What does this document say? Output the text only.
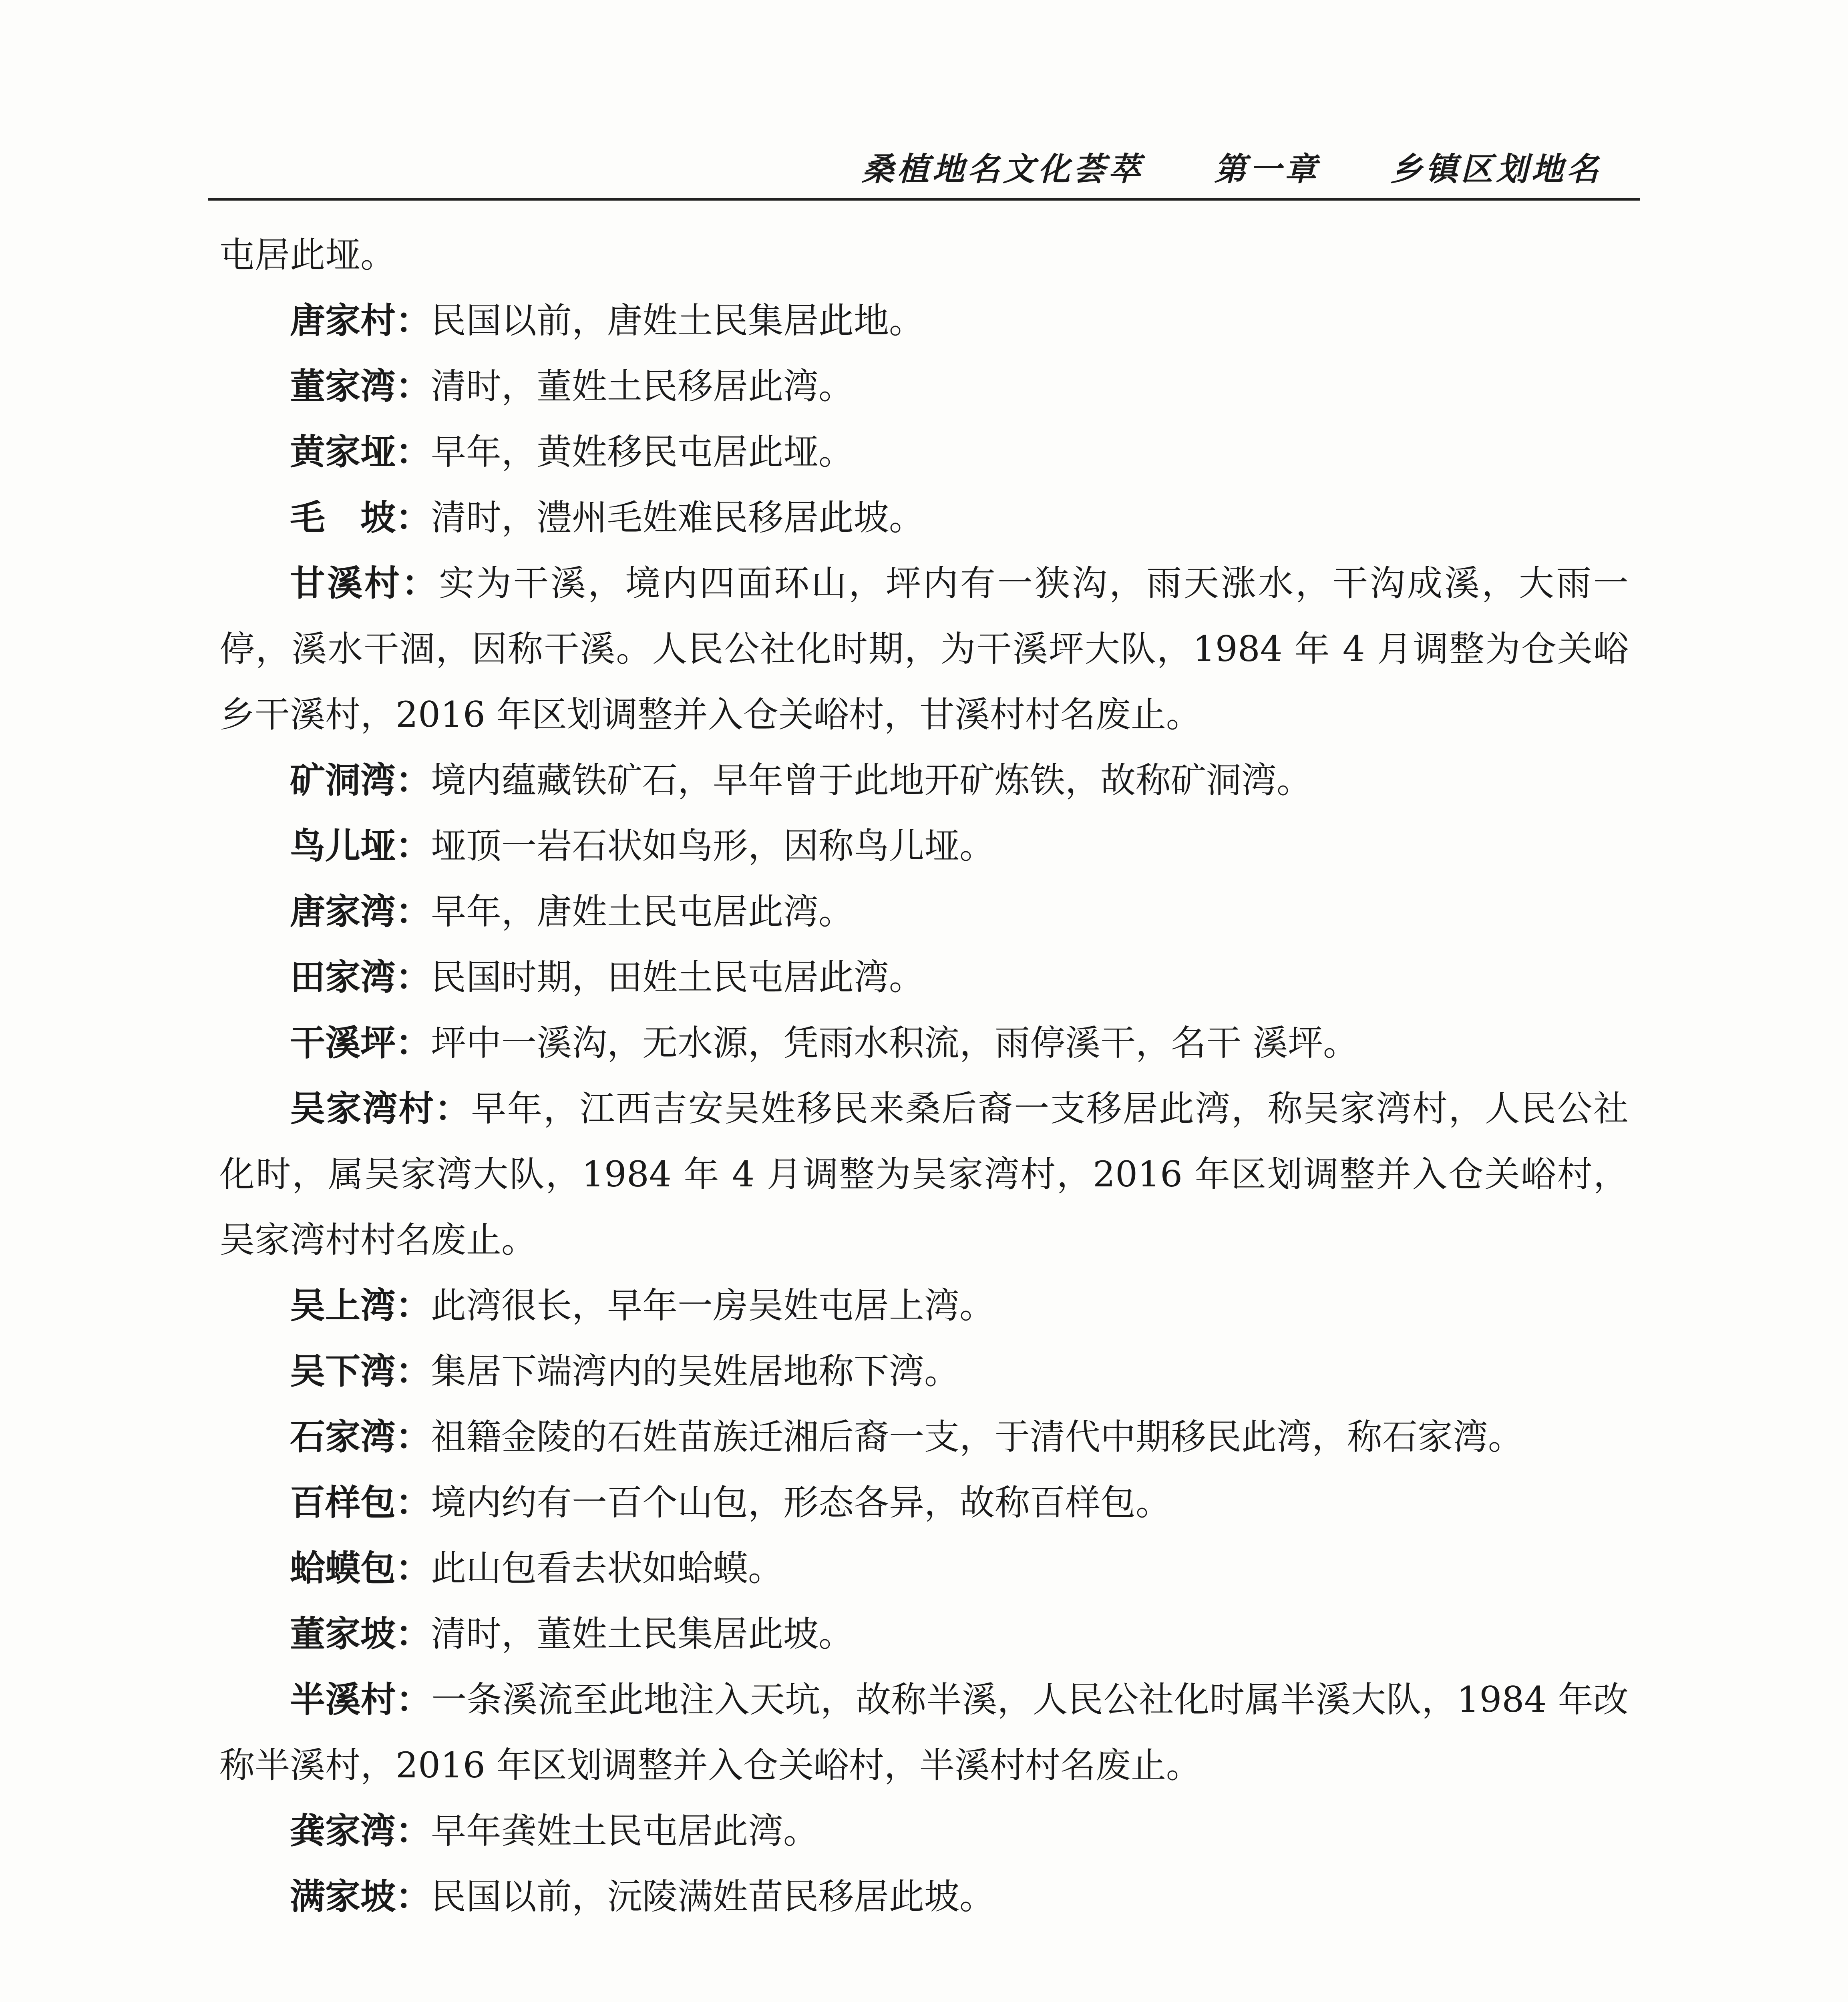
桑植地名文化荟萃 第一章 乡镇区划地名

屯居此垭。

唐家村：民国以前，唐姓土民集居此地。

董家湾：清时，董姓土民移居此湾。

黄家垭：早年，黄姓移民屯居此垭。

毛　坡：清时，澧州毛姓难民移居此坡。

甘溪村：实为干溪，境内四面环山，坪内有一狭沟，雨天涨水，干沟成溪，大雨一停，溪水干涸，因称干溪。人民公社化时期，为干溪坪大队，1984 年 4 月调整为仓关峪乡干溪村，2016 年区划调整并入仓关峪村，甘溪村村名废止。

矿洞湾：境内蕴藏铁矿石，早年曾于此地开矿炼铁，故称矿洞湾。

鸟儿垭：垭顶一岩石状如鸟形，因称鸟儿垭。

唐家湾：早年，唐姓土民屯居此湾。

田家湾：民国时期，田姓土民屯居此湾。

干溪坪：坪中一溪沟，无水源，凭雨水积流，雨停溪干，名干 溪坪。

吴家湾村：早年，江西吉安吴姓移民来桑后裔一支移居此湾，称吴家湾村，人民公社化时，属吴家湾大队，1984 年 4 月调整为吴家湾村，2016 年区划调整并入仓关峪村，吴家湾村村名废止。

吴上湾：此湾很长，早年一房吴姓屯居上湾。

吴下湾：集居下端湾内的吴姓居地称下湾。

石家湾：祖籍金陵的石姓苗族迁湘后裔一支，于清代中期移民此湾，称石家湾。

百样包：境内约有一百个山包，形态各异，故称百样包。

蛤蟆包：此山包看去状如蛤蟆。

董家坡：清时，董姓土民集居此坡。

半溪村：一条溪流至此地注入天坑，故称半溪，人民公社化时属半溪大队，1984 年改称半溪村，2016 年区划调整并入仓关峪村，半溪村村名废止。

龚家湾：早年龚姓土民屯居此湾。

满家坡：民国以前，沅陵满姓苗民移居此坡。
